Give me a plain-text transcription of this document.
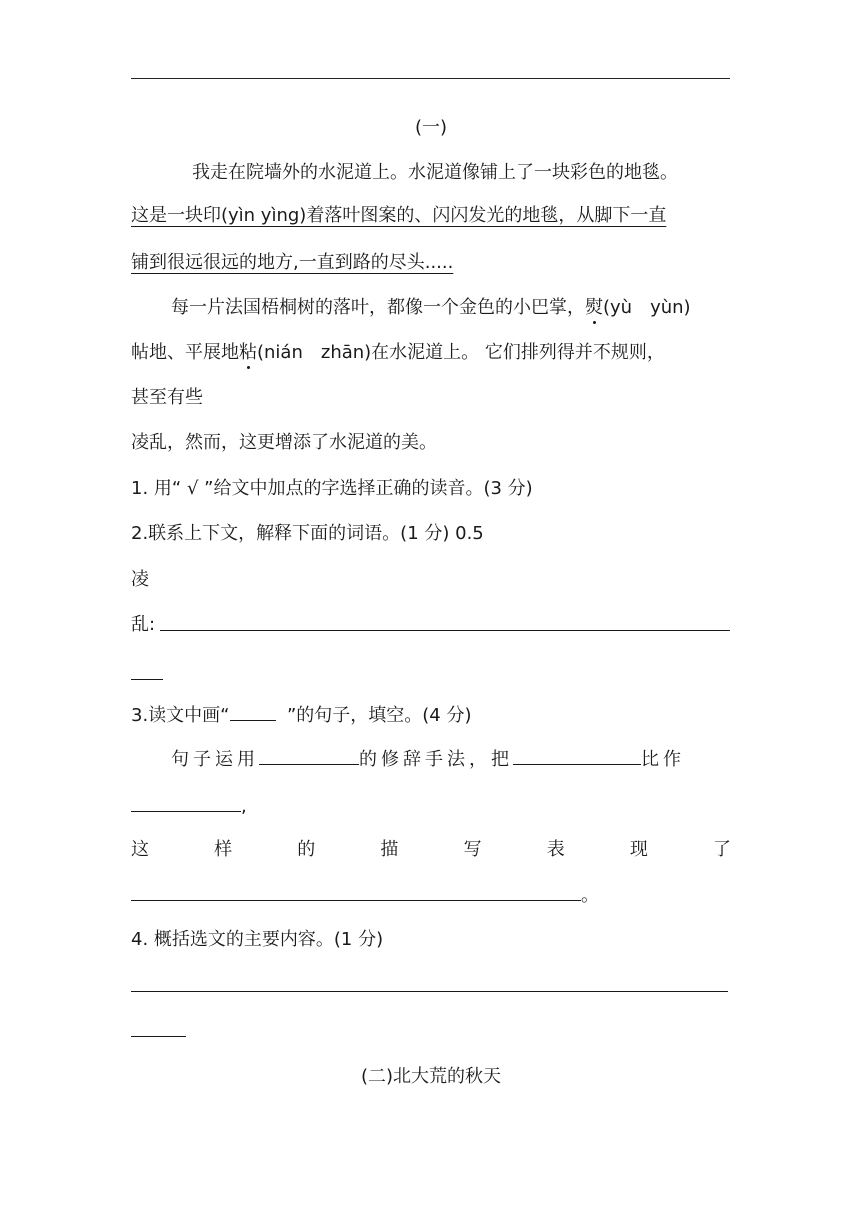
(一)
我走在院墙外的水泥道上。水泥道像铺上了一块彩色的地毯。
这是一块印(yìn yìng)着落叶图案的、闪闪发光的地毯，从脚下一直
铺到很远很远的地方,一直到路的尽头.....
每一片法国梧桐树的落叶，都像一个金色的小巴掌，熨(yù　yùn)
帖地、平展地粘(nián　zhān)在水泥道上。 它们排列得并不规则，
甚至有些
凌乱，然而，这更增添了水泥道的美。
1. 用“ √ ”给文中加点的字选择正确的读音。(3 分)
2.联系上下文，解释下面的词语。(1 分) 0.5
凌
乱:
3.读文中画“	”的句子，填空。(4 分)
句子运用	的修辞手法，把	比作
,
这	样	的	描	写	表	现	了
。
4. 概括选文的主要内容。(1 分)
(二)北大荒的秋天
